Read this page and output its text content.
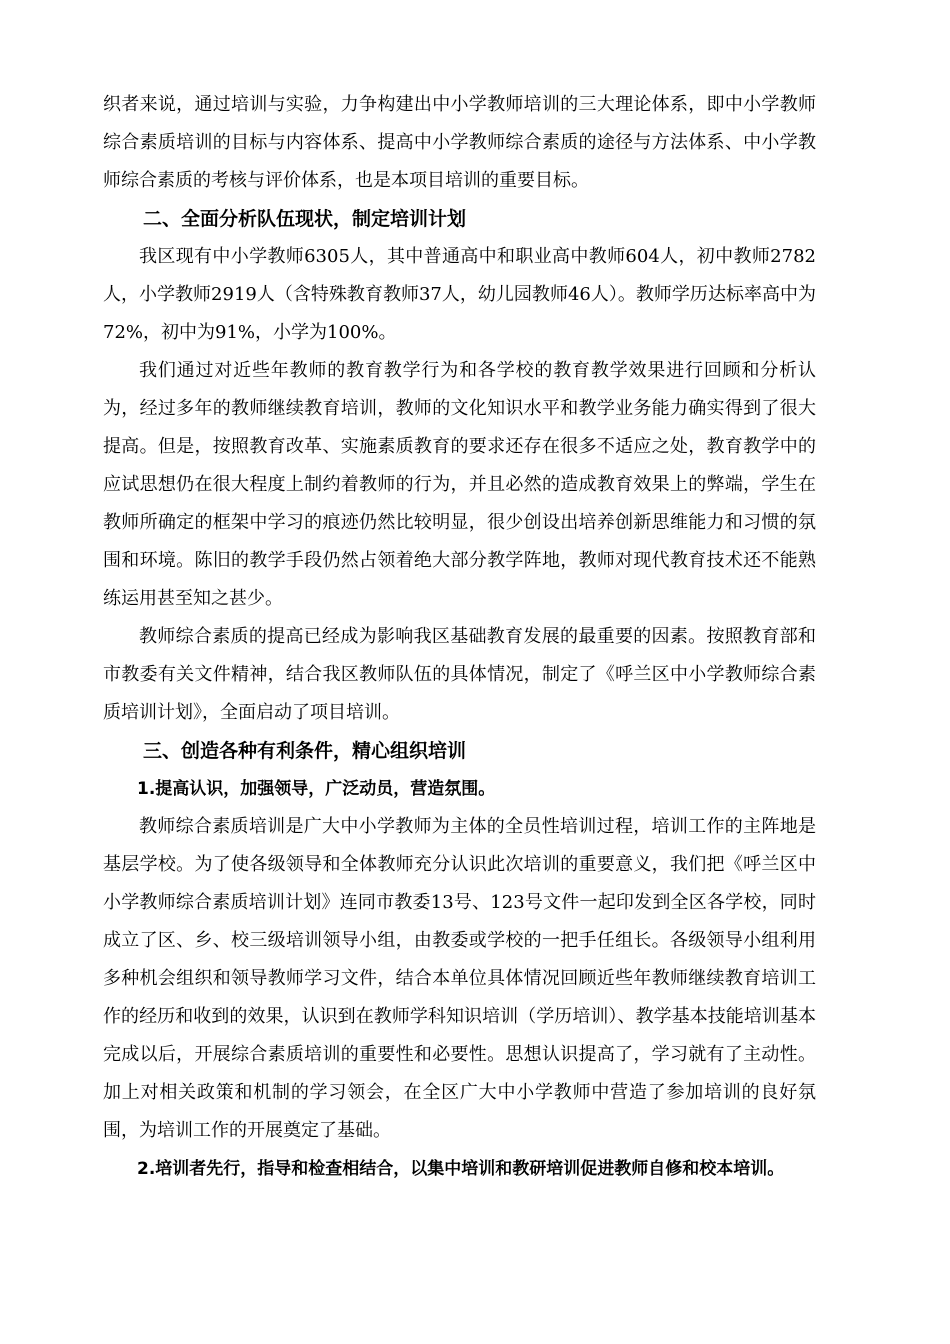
织者来说，通过培训与实验，力争构建出中小学教师培训的三大理论体系，即中小学教师综合素质培训的目标与内容体系、提高中小学教师综合素质的途径与方法体系、中小学教师综合素质的考核与评价体系，也是本项目培训的重要目标。

二、全面分析队伍现状，制定培训计划

我区现有中小学教师6305人，其中普通高中和职业高中教师604人，初中教师2782人，小学教师2919人（含特殊教育教师37人，幼儿园教师46人）。教师学历达标率高中为72%，初中为91%，小学为100%。

我们通过对近些年教师的教育教学行为和各学校的教育教学效果进行回顾和分析认为，经过多年的教师继续教育培训，教师的文化知识水平和教学业务能力确实得到了很大提高。但是，按照教育改革、实施素质教育的要求还存在很多不适应之处，教育教学中的应试思想仍在很大程度上制约着教师的行为，并且必然的造成教育效果上的弊端，学生在教师所确定的框架中学习的痕迹仍然比较明显，很少创设出培养创新思维能力和习惯的氛围和环境。陈旧的教学手段仍然占领着绝大部分教学阵地，教师对现代教育技术还不能熟练运用甚至知之甚少。

教师综合素质的提高已经成为影响我区基础教育发展的最重要的因素。按照教育部和市教委有关文件精神，结合我区教师队伍的具体情况，制定了《呼兰区中小学教师综合素质培训计划》，全面启动了项目培训。

三、创造各种有利条件，精心组织培训

1.提高认识，加强领导，广泛动员，营造氛围。

教师综合素质培训是广大中小学教师为主体的全员性培训过程，培训工作的主阵地是基层学校。为了使各级领导和全体教师充分认识此次培训的重要意义，我们把《呼兰区中小学教师综合素质培训计划》连同市教委13号、123号文件一起印发到全区各学校，同时成立了区、乡、校三级培训领导小组，由教委或学校的一把手任组长。各级领导小组利用多种机会组织和领导教师学习文件，结合本单位具体情况回顾近些年教师继续教育培训工作的经历和收到的效果，认识到在教师学科知识培训（学历培训）、教学基本技能培训基本完成以后，开展综合素质培训的重要性和必要性。思想认识提高了，学习就有了主动性。加上对相关政策和机制的学习领会，在全区广大中小学教师中营造了参加培训的良好氛围，为培训工作的开展奠定了基础。

2.培训者先行，指导和检查相结合，以集中培训和教研培训促进教师自修和校本培训。
